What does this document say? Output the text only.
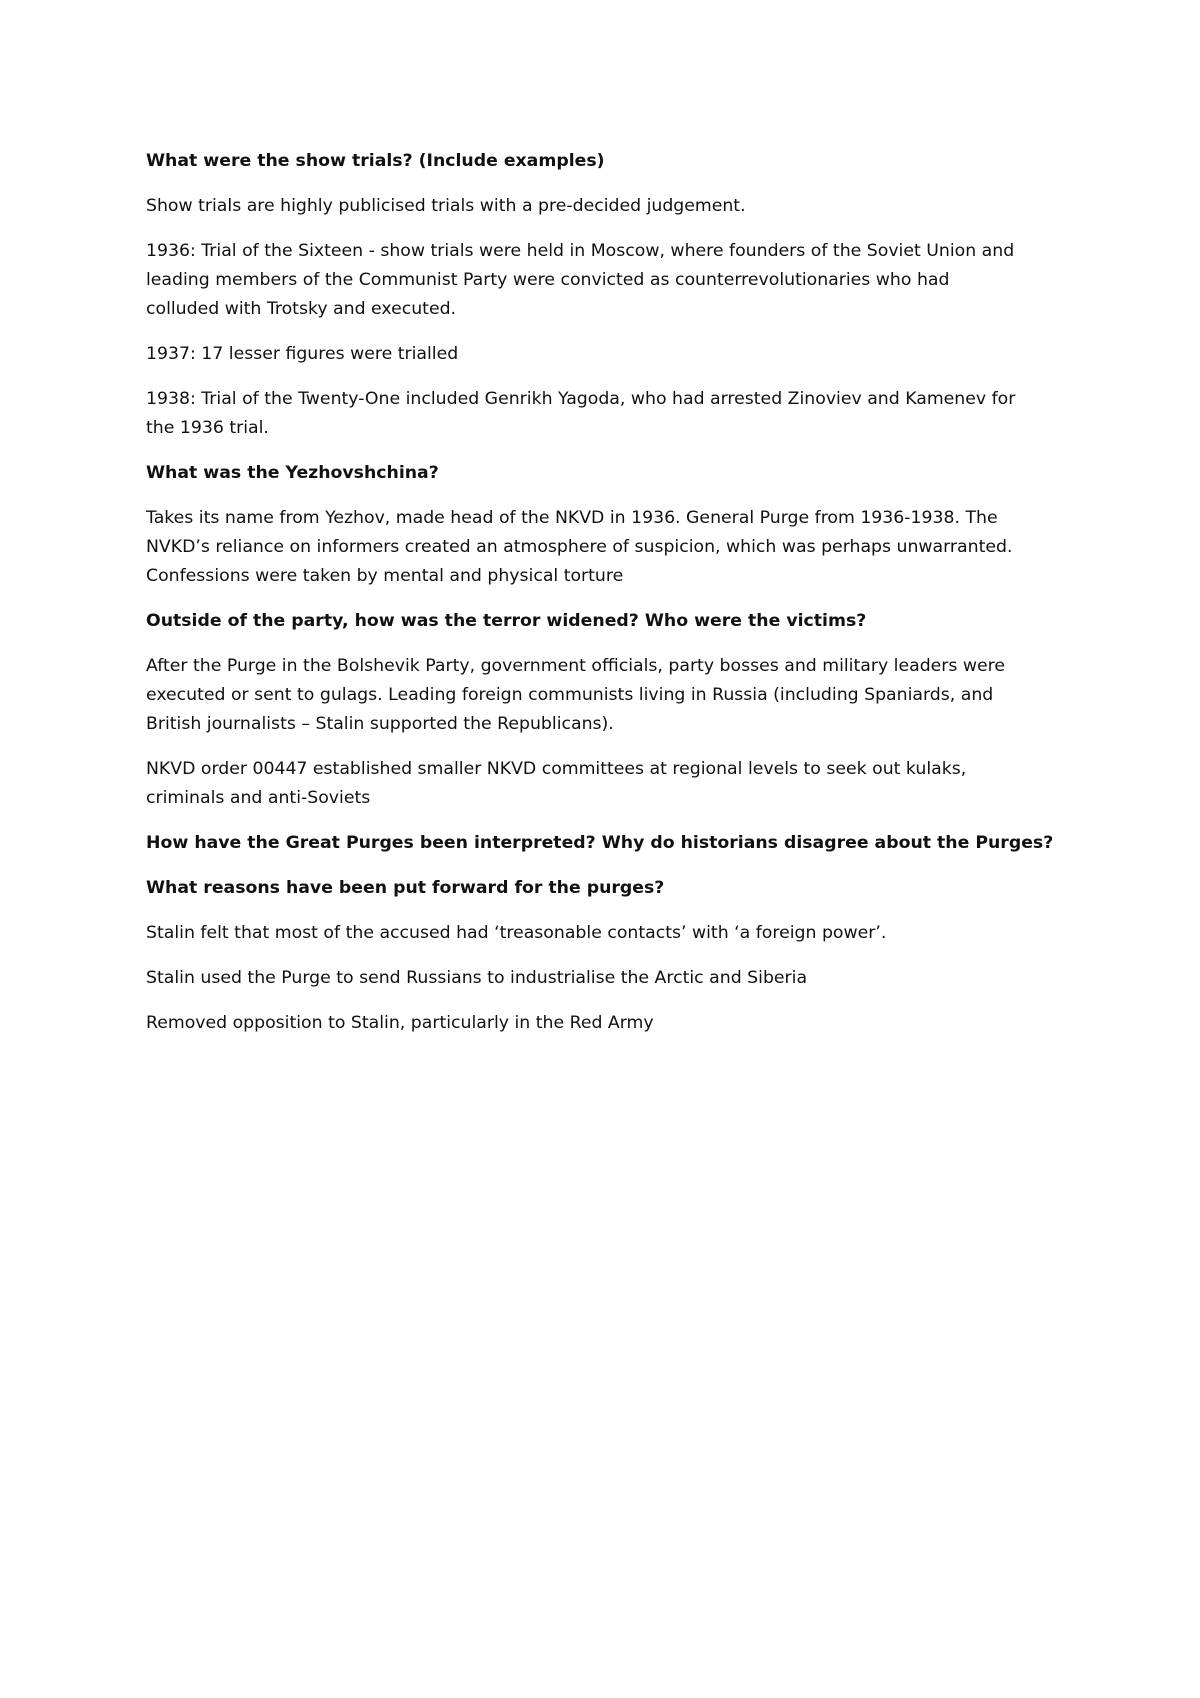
What were the show trials? (Include examples)
Show trials are highly publicised trials with a pre-decided judgement.
1936: Trial of the Sixteen - show trials were held in Moscow, where founders of the Soviet Union and
leading members of the Communist Party were convicted as counterrevolutionaries who had
colluded with Trotsky and executed.
1937: 17 lesser figures were trialled
1938: Trial of the Twenty-One included Genrikh Yagoda, who had arrested Zinoviev and Kamenev for
the 1936 trial.
What was the Yezhovshchina?
Takes its name from Yezhov, made head of the NKVD in 1936. General Purge from 1936-1938. The
NVKD’s reliance on informers created an atmosphere of suspicion, which was perhaps unwarranted.
Confessions were taken by mental and physical torture
Outside of the party, how was the terror widened? Who were the victims?
After the Purge in the Bolshevik Party, government officials, party bosses and military leaders were
executed or sent to gulags. Leading foreign communists living in Russia (including Spaniards, and
British journalists – Stalin supported the Republicans).
NKVD order 00447 established smaller NKVD committees at regional levels to seek out kulaks,
criminals and anti-Soviets
How have the Great Purges been interpreted? Why do historians disagree about the Purges?
What reasons have been put forward for the purges?
Stalin felt that most of the accused had ‘treasonable contacts’ with ‘a foreign power’.
Stalin used the Purge to send Russians to industrialise the Arctic and Siberia
Removed opposition to Stalin, particularly in the Red Army
